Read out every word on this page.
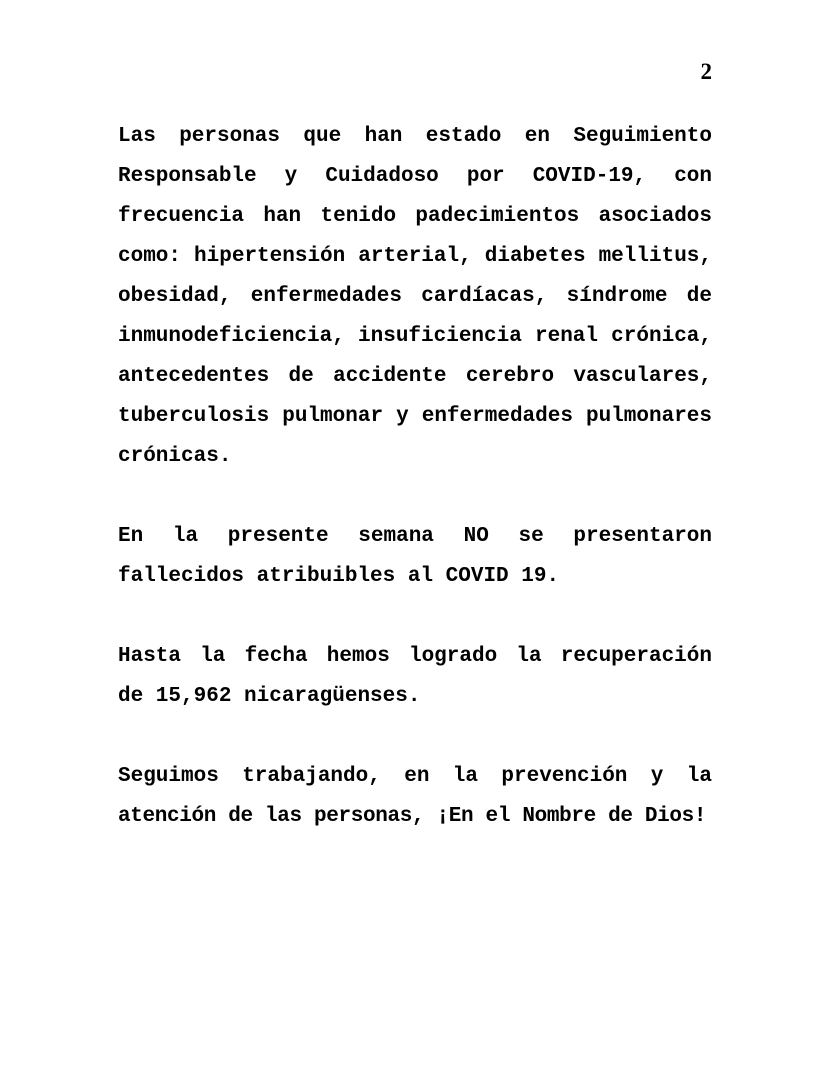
2
Las personas que han estado en Seguimiento
Responsable y Cuidadoso por COVID-19, con
frecuencia han tenido padecimientos asociados
como: hipertensión arterial, diabetes mellitus,
obesidad, enfermedades cardíacas, síndrome de
inmunodeficiencia, insuficiencia renal crónica,
antecedentes de accidente cerebro vasculares,
tuberculosis pulmonar y enfermedades pulmonares
crónicas.
En la presente semana NO se presentaron
fallecidos atribuibles al COVID 19.
Hasta la fecha hemos logrado la recuperación
de 15,962 nicaragüenses.
Seguimos trabajando, en la prevención y la
atención de las personas, ¡En el Nombre de Dios!
